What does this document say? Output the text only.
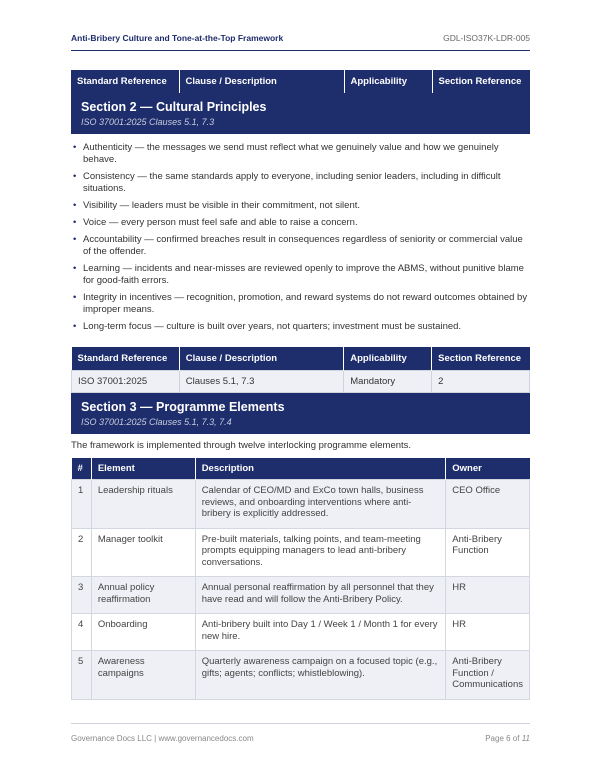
Anti-Bribery Culture and Tone-at-the-Top Framework	GDL-ISO37K-LDR-005
Standard Reference	Clause / Description	Applicability	Section Reference
Section 2 — Cultural Principles
ISO 37001:2025 Clauses 5.1, 7.3
• Authenticity — the messages we send must reflect what we genuinely value and how we genuinely behave.
• Consistency — the same standards apply to everyone, including senior leaders, including in difficult situations.
• Visibility — leaders must be visible in their commitment, not silent.
• Voice — every person must feel safe and able to raise a concern.
• Accountability — confirmed breaches result in consequences regardless of seniority or commercial value of the offender.
• Learning — incidents and near-misses are reviewed openly to improve the ABMS, without punitive blame for good-faith errors.
• Integrity in incentives — recognition, promotion, and reward systems do not reward outcomes obtained by improper means.
• Long-term focus — culture is built over years, not quarters; investment must be sustained.
Standard Reference	Clause / Description	Applicability	Section Reference
ISO 37001:2025	Clauses 5.1, 7.3	Mandatory	2
Section 3 — Programme Elements
ISO 37001:2025 Clauses 5.1, 7.3, 7.4
The framework is implemented through twelve interlocking programme elements.
#	Element	Description	Owner
1	Leadership rituals	Calendar of CEO/MD and ExCo town halls, business reviews, and onboarding interventions where anti-bribery is explicitly addressed.	CEO Office
2	Manager toolkit	Pre-built materials, talking points, and team-meeting prompts equipping managers to lead anti-bribery conversations.	Anti-Bribery Function
3	Annual policy reaffirmation	Annual personal reaffirmation by all personnel that they have read and will follow the Anti-Bribery Policy.	HR
4	Onboarding	Anti-bribery built into Day 1 / Week 1 / Month 1 for every new hire.	HR
5	Awareness campaigns	Quarterly awareness campaign on a focused topic (e.g., gifts; agents; conflicts; whistleblowing).	Anti-Bribery Function / Communications
Governance Docs LLC | www.governancedocs.com	Page 6 of 11
